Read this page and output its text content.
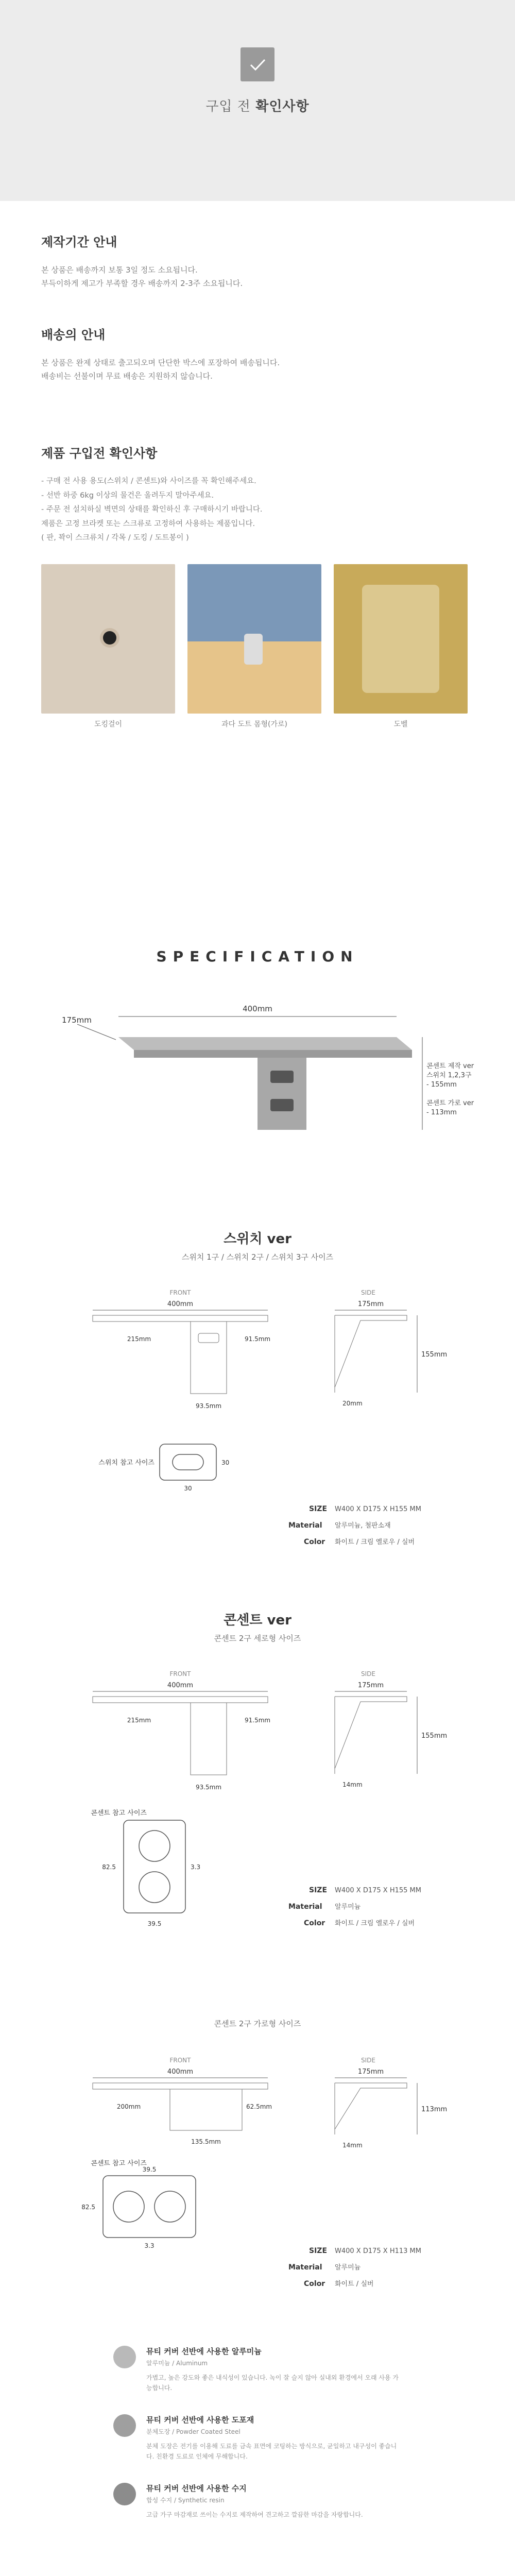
구입 전 확인사항
제작기간 안내

본 상품은 배송까지 보통 3일 정도 소요됩니다.

부득이하게 제고가 부족할 경우 배송까지 2-3주 소요됩니다.

배송의 안내

본 상품은 완제 상태로 출고되오며 단단한 박스에 포장하여 배송됩니다.

배송비는 선불이며 무료 배송은 지원하지 않습니다.

제품 구입전 확인사항
- 구매 전 사용 용도(스위치 / 콘센트)와 사이즈를 꼭 확인해주세요.
- 선반 하중 6kg 이상의 물건은 올려두지 말아주세요.
- 주문 전 설치하실 벽면의 상태를 확인하신 후 구매하시기 바랍니다.
제품은 고정 브라켓 또는 스크류로 고정하여 사용하는 제품입니다.
( 판, 꽉이 스크류치 / 각목 / 도킹 / 도트봉이 )
도킹걸이	과다 도트 몸형(가로)	도벨
SPECIFICATION
400mm
175mm
콘센트 제작 ver
스위치 1,2,3구
- 155mm
콘센트 가로 ver
- 113mm
스위치 ver
스위치 1구 / 스위치 2구 / 스위치 3구 사이즈
FRONT	SIDE
400mm
215mm	91.5mm
93.5mm
175mm
155mm
20mm
스위치 참고 사이즈	30
30
SIZE W400 X D175 X H155 MM
Material 알루미늄, 철판소재
Color 화이트 / 크림 옐로우 / 실버
콘센트 ver
콘센트 2구 세로형 사이즈
FRONT	SIDE
400mm
215mm	91.5mm
93.5mm
175mm
155mm
14mm
콘센트 참고 사이즈
82.5	3.3
39.5
SIZE W400 X D175 X H155 MM
Material 알루미늄
Color 화이트 / 크림 옐로우 / 실버
콘센트 2구 가로형 사이즈
FRONT	SIDE
400mm
200mm	62.5mm
135.5mm
175mm
113mm
14mm
콘센트 참고 사이즈
39.5
3.3
82.5
SIZE W400 X D175 X H113 MM
Material 알루미늄
Color 화이트 / 실버
뮤티 커버 선반에 사용한 알루미늄
알루미늄 / Aluminum
가볍고, 높은 강도와 좋은 내식성이 있습니다. 녹이 잘 슬지 않아 실내외 환경에서 오래 사용 가능합니다.
뮤티 커버 선반에 사용한 도포재
분체도장 / Powder Coated Steel
분체 도장은 전기를 이용해 도료를 금속 표면에 코팅하는 방식으로, 균일하고 내구성이 좋습니다. 친환경 도료로 인체에 무해합니다.
뮤티 커버 선반에 사용한 수지
합성 수지 / Synthetic resin
고급 가구 마감재로 쓰이는 수지로 제작하여 견고하고 깔끔한 마감을 자랑합니다.
